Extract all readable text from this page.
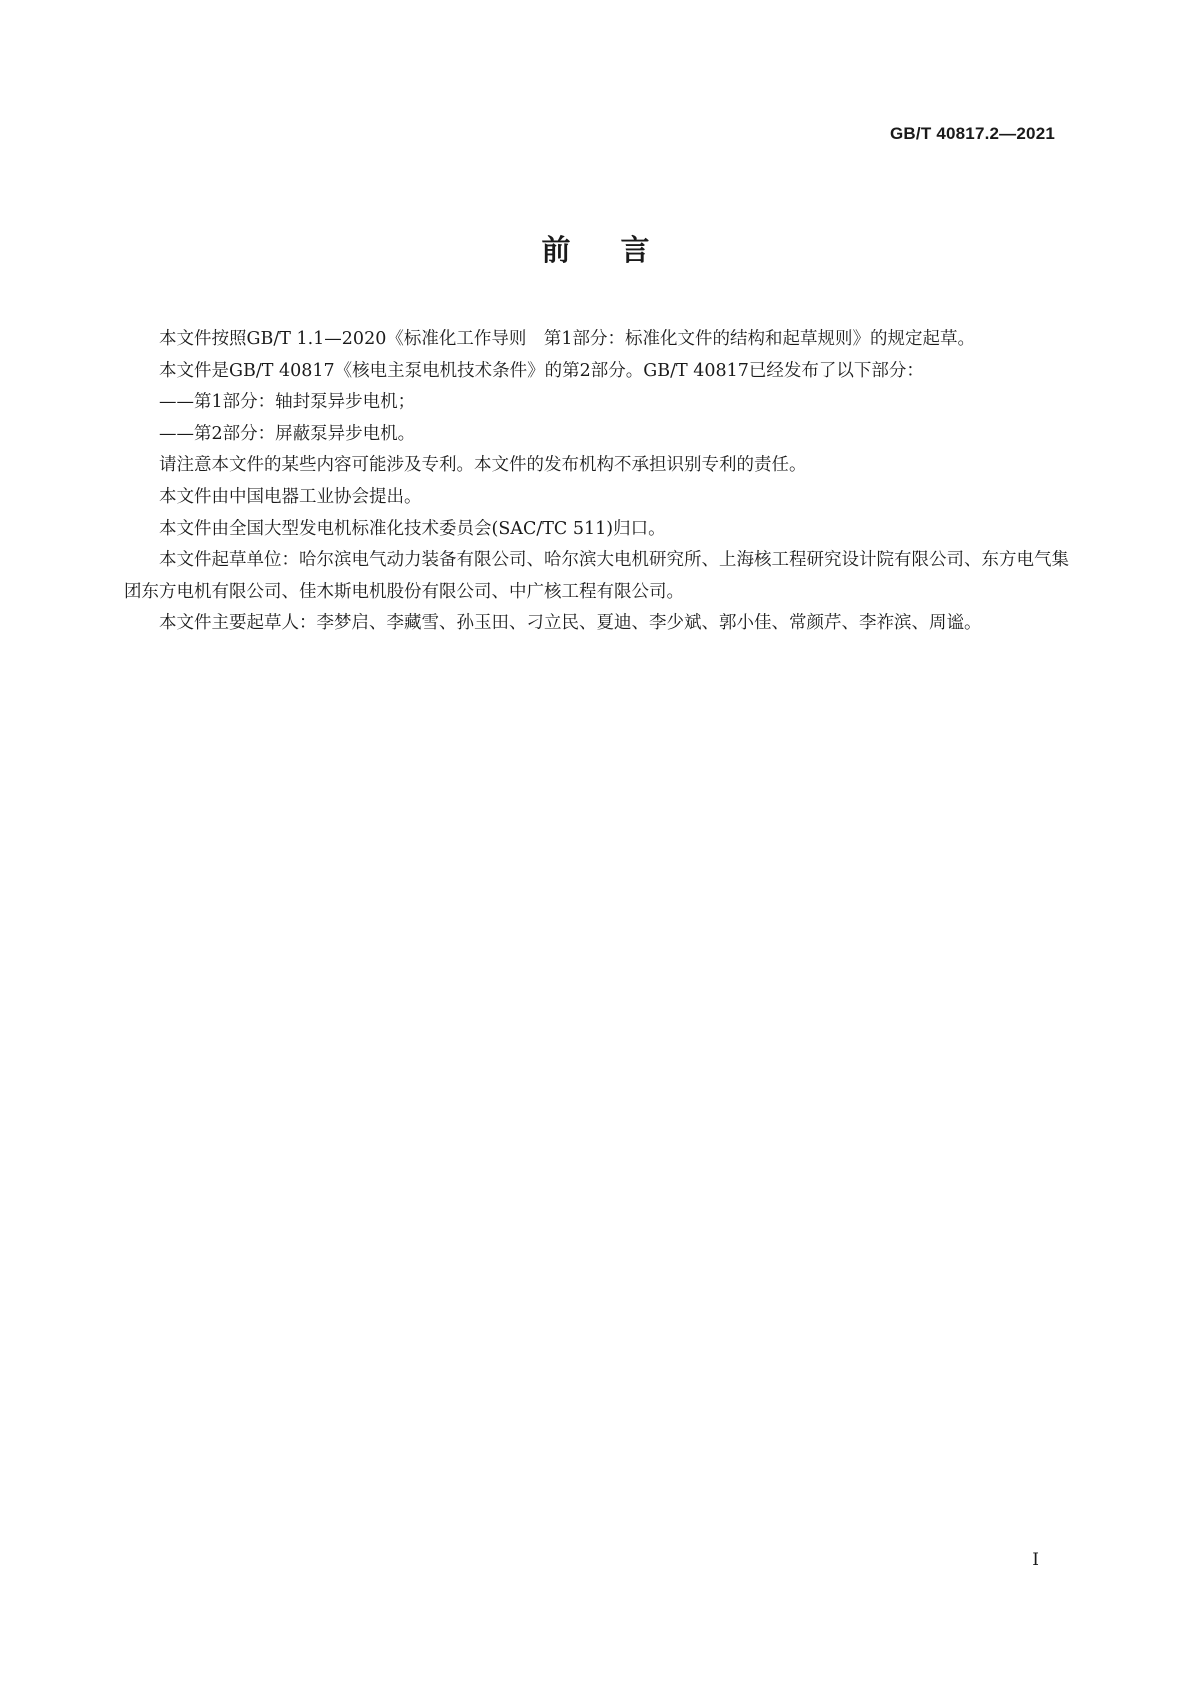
GB/T 40817.2—2021
前言

本文件按照GB/T 1.1—2020《标准化工作导则　第1部分：标准化文件的结构和起草规则》的规定起草。

本文件是GB/T 40817《核电主泵电机技术条件》的第2部分。GB/T 40817已经发布了以下部分：

——第1部分：轴封泵异步电机；

——第2部分：屏蔽泵异步电机。

请注意本文件的某些内容可能涉及专利。本文件的发布机构不承担识别专利的责任。

本文件由中国电器工业协会提出。

本文件由全国大型发电机标准化技术委员会(SAC/TC 511)归口。

本文件起草单位：哈尔滨电气动力装备有限公司、哈尔滨大电机研究所、上海核工程研究设计院有限公司、东方电气集团东方电机有限公司、佳木斯电机股份有限公司、中广核工程有限公司。

本文件主要起草人：李梦启、李藏雪、孙玉田、刁立民、夏迪、李少斌、郭小佳、常颜芹、李祚滨、周谧。

I
